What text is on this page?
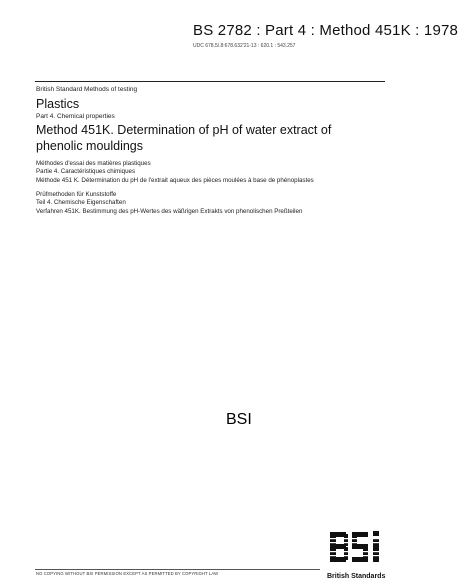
BS 2782 : Part 4 : Method 451K : 1978
UDC 678.5/.8:678.632'21-13 : 620.1 : 543.257
British Standard Methods of testing
Plastics
Part 4. Chemical properties
Method 451K. Determination of pH of water extract of phenolic mouldings
Méthodes d'essai des matières plastiques
Partie 4. Caractéristiques chimiques
Méthode 451 K. Détermination du pH de l'extrait aqueux des pièces moulées à base de phénoplastes
Prüfmethoden für Kunststoffe
Teil 4. Chemische Eigenschaften
Verfahren 451K. Bestimmung des pH-Wertes des wäßrigen Extrakts von phenolischen Preßteilen
NO COPYING WITHOUT BSI PERMISSION EXCEPT AS PERMITTED BY COPYRIGHT LAW
BSI
British Standards
